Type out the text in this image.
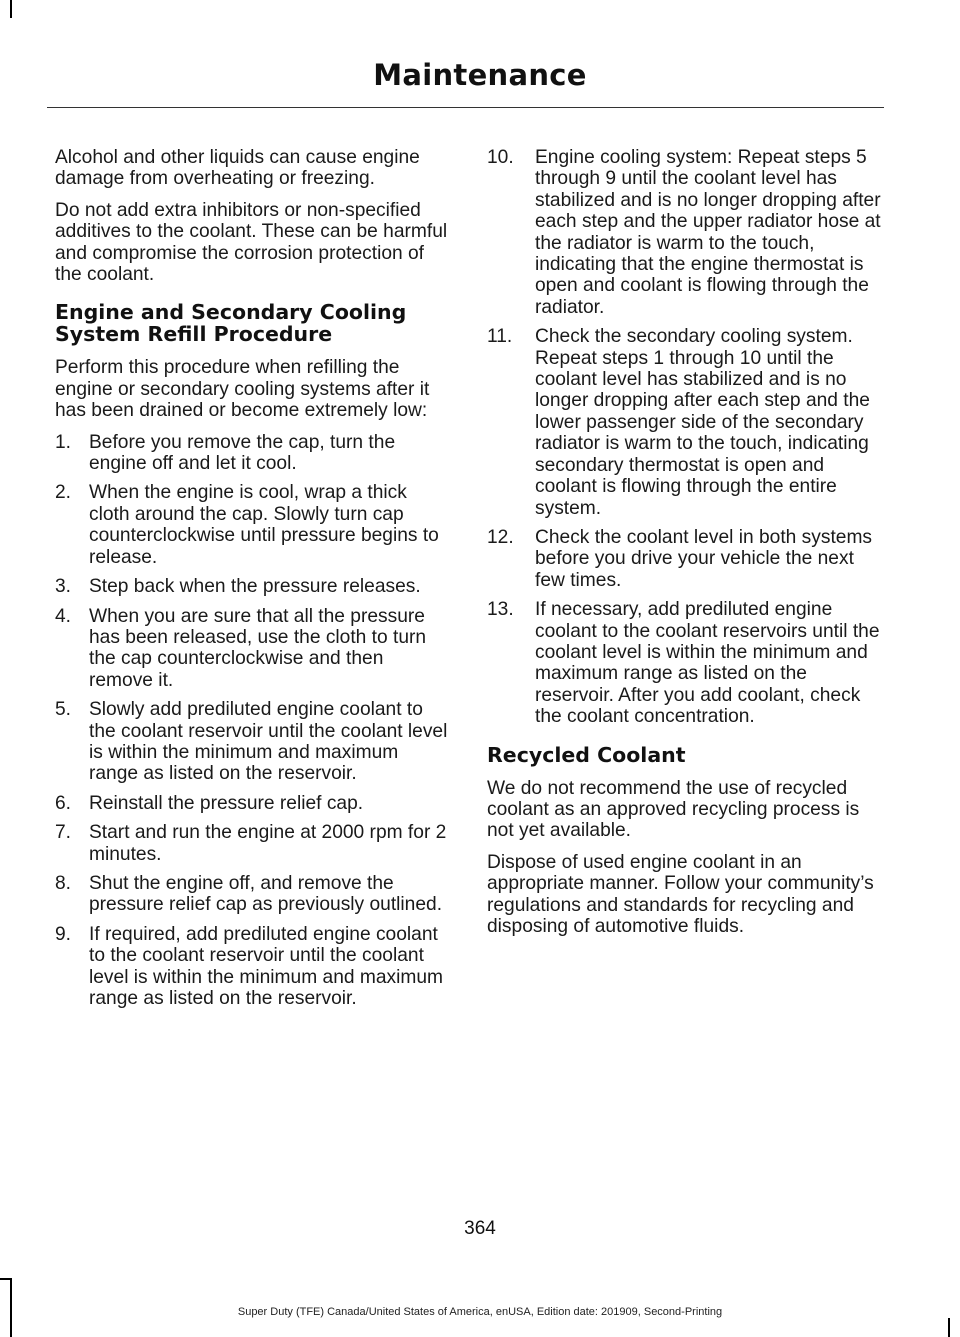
Maintenance

Alcohol and other liquids can cause engine damage from overheating or freezing.

Do not add extra inhibitors or non-specified additives to the coolant. These can be harmful and compromise the corrosion protection of the coolant.

Engine and Secondary Cooling System Refill Procedure

Perform this procedure when refilling the engine or secondary cooling systems after it has been drained or become extremely low:

1. Before you remove the cap, turn the engine off and let it cool.
2. When the engine is cool, wrap a thick cloth around the cap. Slowly turn cap counterclockwise until pressure begins to release.
3. Step back when the pressure releases.
4. When you are sure that all the pressure has been released, use the cloth to turn the cap counterclockwise and then remove it.
5. Slowly add prediluted engine coolant to the coolant reservoir until the coolant level is within the minimum and maximum range as listed on the reservoir.
6. Reinstall the pressure relief cap.
7. Start and run the engine at 2000 rpm for 2 minutes.
8. Shut the engine off, and remove the pressure relief cap as previously outlined.
9. If required, add prediluted engine coolant to the coolant reservoir until the coolant level is within the minimum and maximum range as listed on the reservoir.
10.	Engine cooling system: Repeat steps 5 through 9 until the coolant level has stabilized and is no longer dropping after each step and the upper radiator hose at the radiator is warm to the touch, indicating that the engine thermostat is open and coolant is flowing through the radiator.
11.	Check the secondary cooling system. Repeat steps 1 through 10 until the coolant level has stabilized and is no longer dropping after each step and the lower passenger side of the secondary radiator is warm to the touch, indicating secondary thermostat is open and coolant is flowing through the entire system.
12.	Check the coolant level in both systems before you drive your vehicle the next few times.
13.	If necessary, add prediluted engine coolant to the coolant reservoirs until the coolant level is within the minimum and maximum range as listed on the reservoir. After you add coolant, check the coolant concentration.
Recycled Coolant

We do not recommend the use of recycled coolant as an approved recycling process is not yet available.

Dispose of used engine coolant in an appropriate manner. Follow your community’s regulations and standards for recycling and disposing of automotive fluids.

364
Super Duty (TFE) Canada/United States of America, enUSA, Edition date: 201909, Second-Printing
